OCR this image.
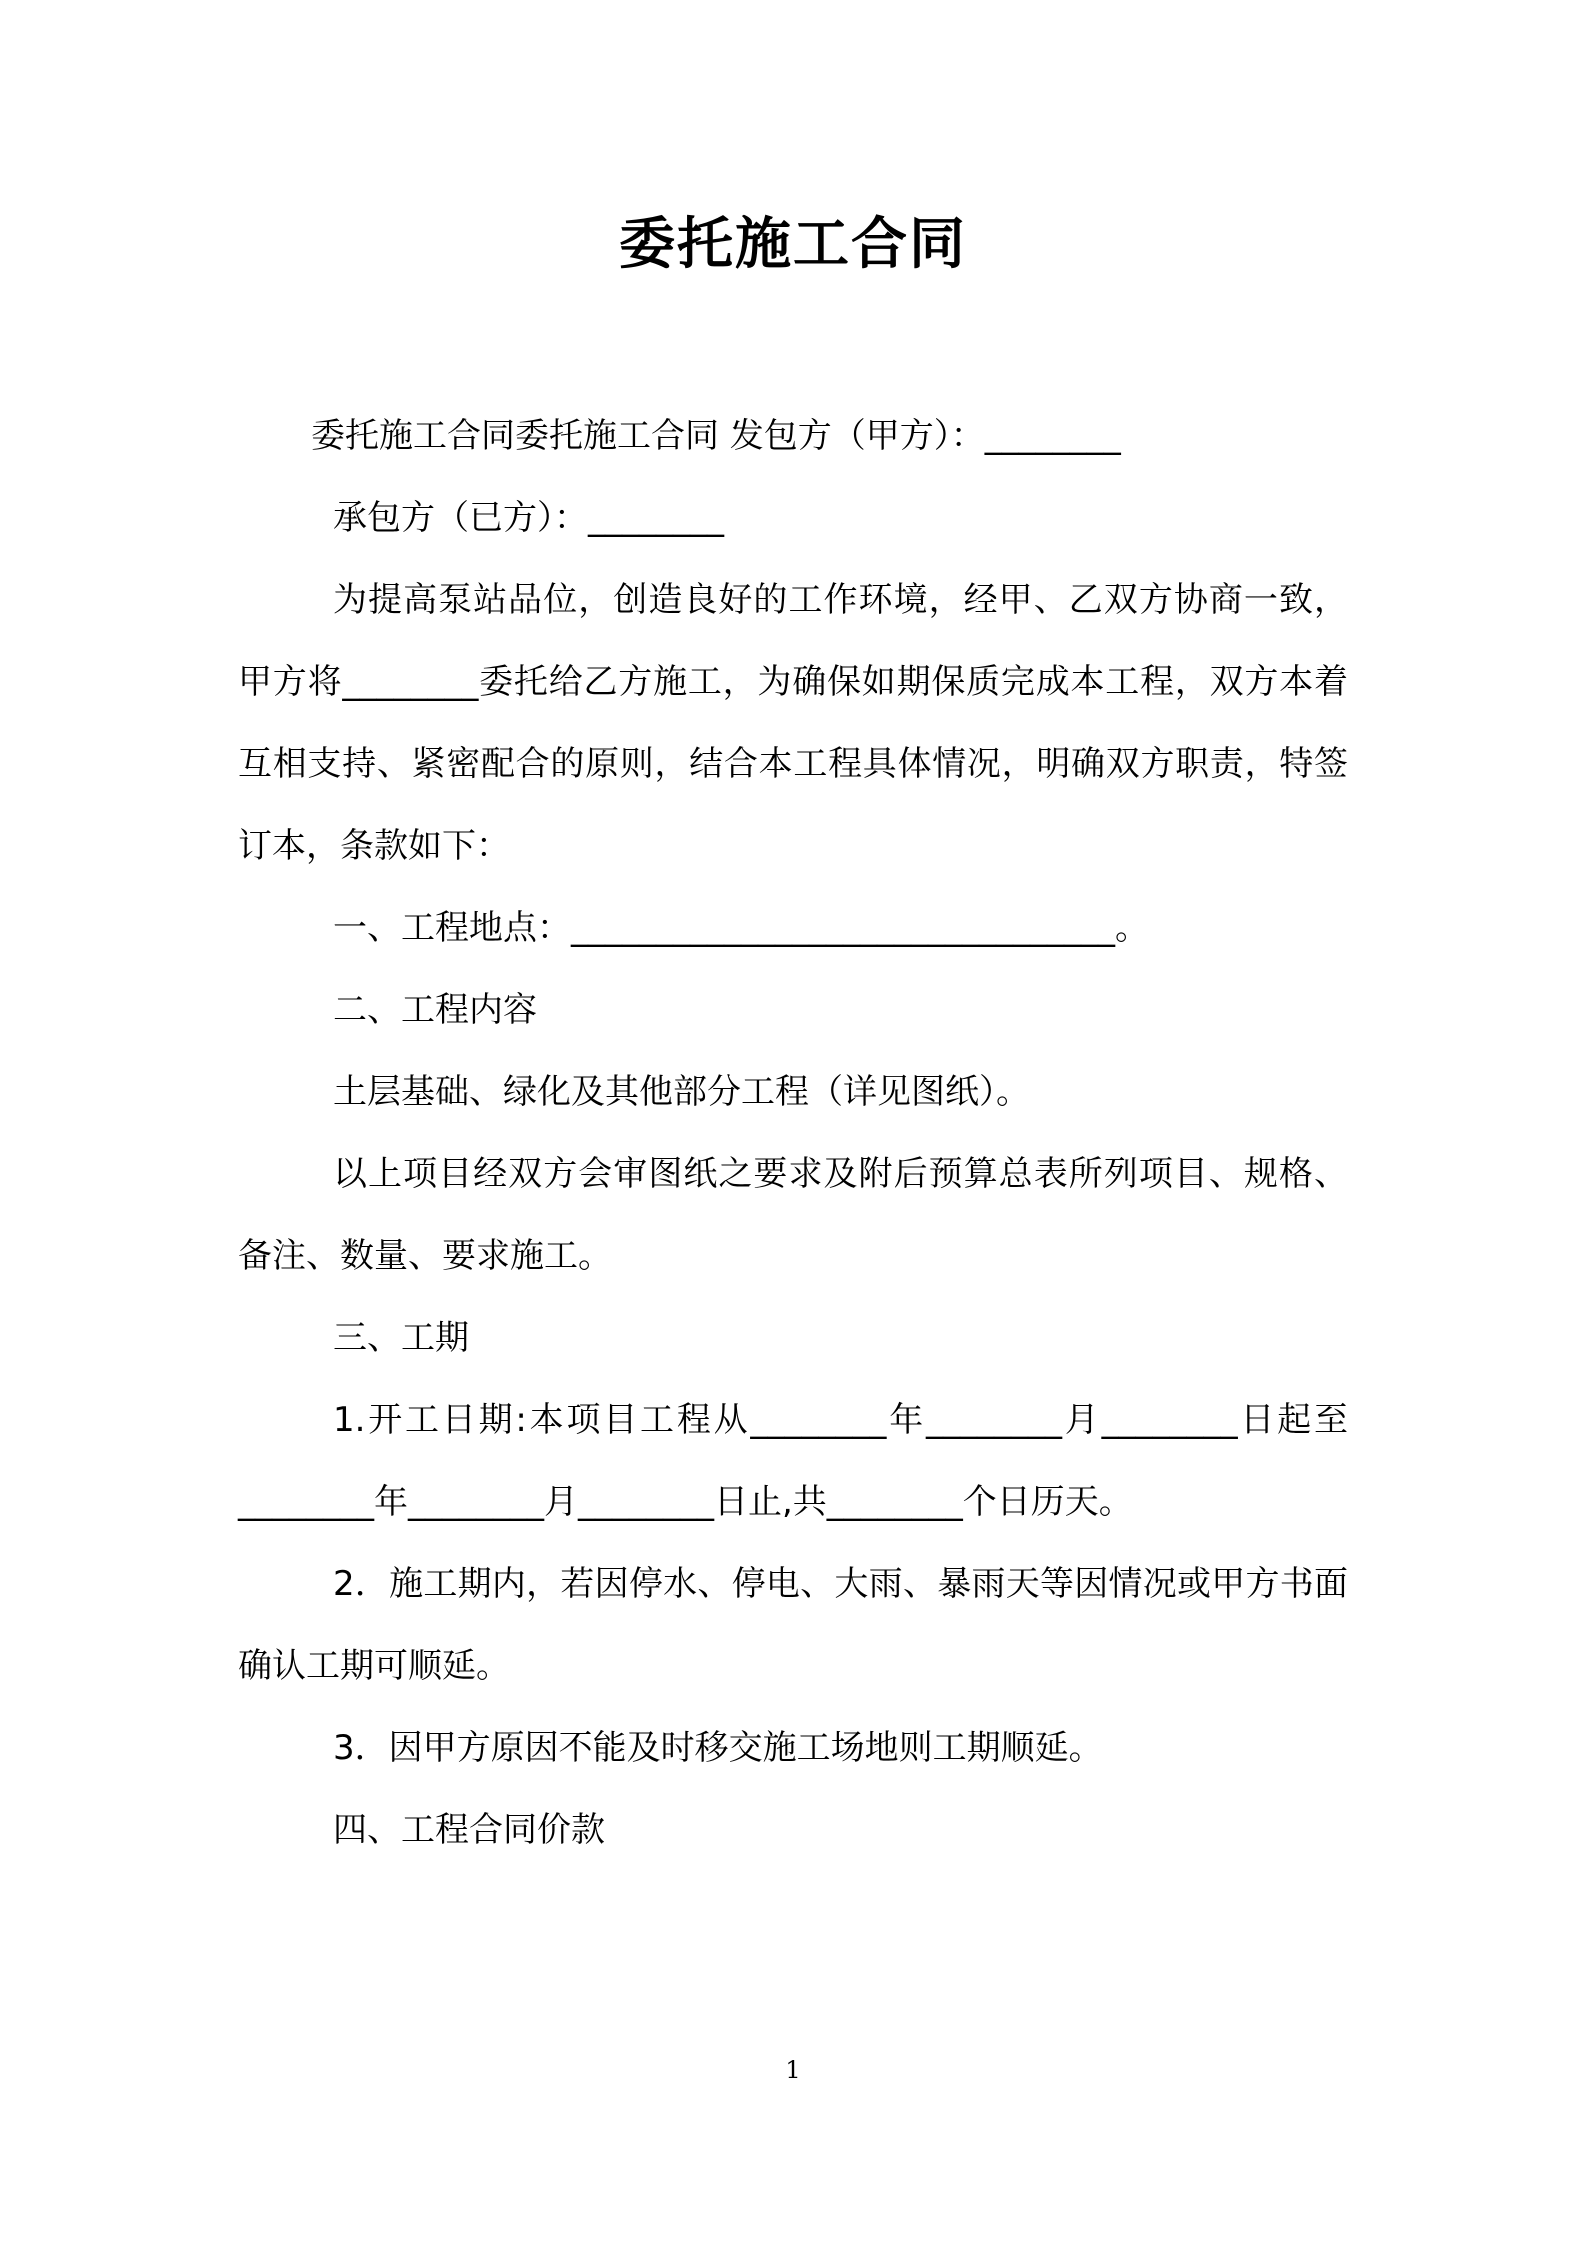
委托施工合同

委托施工合同委托施工合同 发包方（甲方）：________

承包方（已方）：________

为提高泵站品位，创造良好的工作环境，经甲、乙双方协商一致，甲方将________委托给乙方施工，为确保如期保质完成本工程，双方本着互相支持、紧密配合的原则，结合本工程具体情况，明确双方职责，特签订本，条款如下：

一、工程地点：________________________________。

二、工程内容

土层基础、绿化及其他部分工程（详见图纸）。

以上项目经双方会审图纸之要求及附后预算总表所列项目、规格、备注、数量、要求施工。

三、工期

1.开工日期:本项目工程从________年________月________日起至________年________月________日止,共________个日历天。

2．施工期内，若因停水、停电、大雨、暴雨天等因情况或甲方书面确认工期可顺延。

3．因甲方原因不能及时移交施工场地则工期顺延。

四、工程合同价款

1
